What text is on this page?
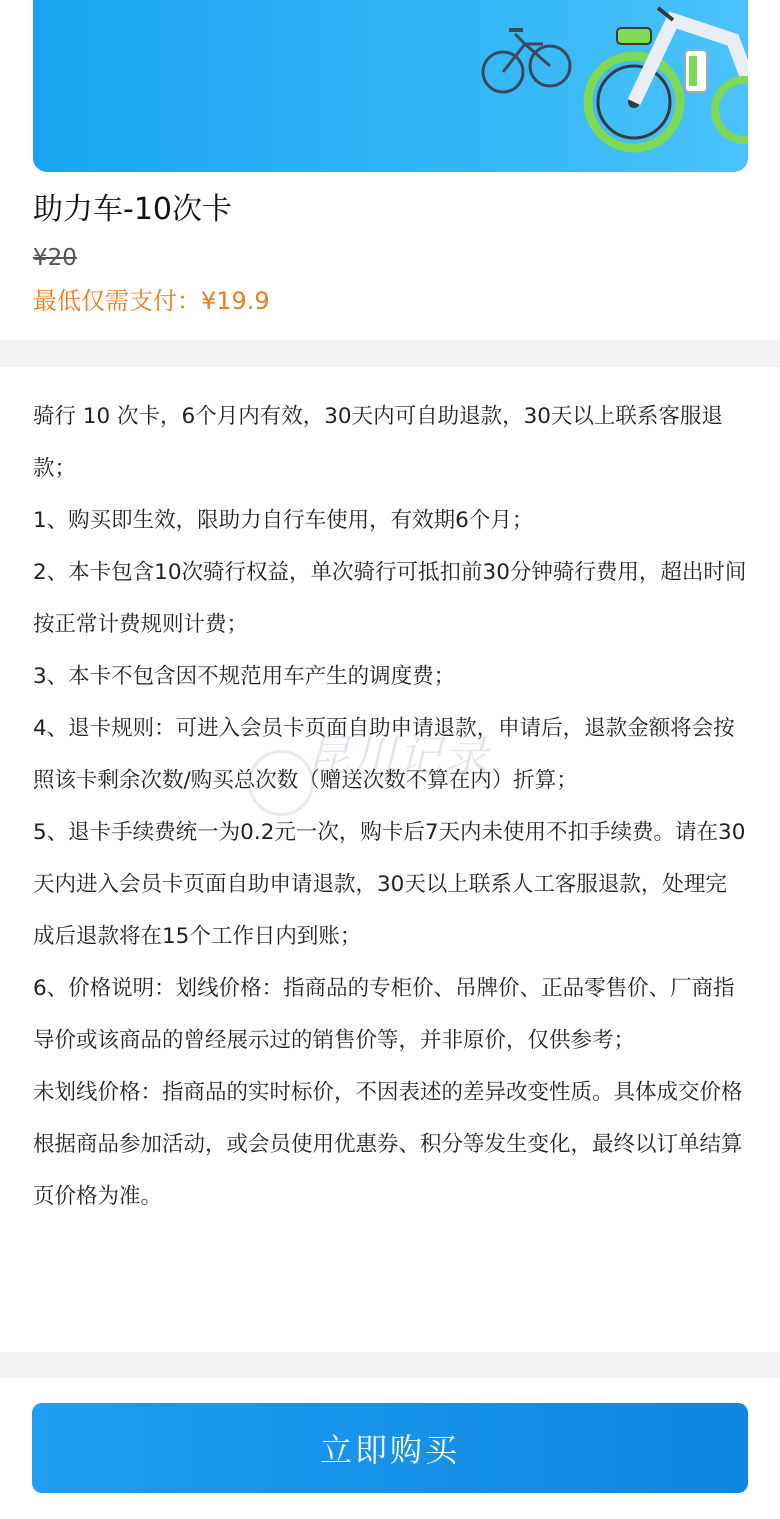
助力车-10次卡
¥20
最低仅需支付：¥19.9
骑行 10 次卡，6个月内有效，30天内可自助退款，30天以上联系客服退款；
1、购买即生效，限助力自行车使用，有效期6个月；
2、本卡包含10次骑行权益，单次骑行可抵扣前30分钟骑行费用，超出时间按正常计费规则计费；
3、本卡不包含因不规范用车产生的调度费；
4、退卡规则：可进入会员卡页面自助申请退款，申请后，退款金额将会按照该卡剩余次数/购买总次数（赠送次数不算在内）折算；
5、退卡手续费统一为0.2元一次，购卡后7天内未使用不扣手续费。请在30天内进入会员卡页面自助申请退款，30天以上联系人工客服退款，处理完成后退款将在15个工作日内到账；
6、价格说明：划线价格：指商品的专柜价、吊牌价、正品零售价、厂商指导价或该商品的曾经展示过的销售价等，并非原价，仅供参考；
未划线价格：指商品的实时标价，不因表述的差异改变性质。具体成交价格根据商品参加活动，或会员使用优惠券、积分等发生变化，最终以订单结算页价格为准。
昆川记录
立即购买
